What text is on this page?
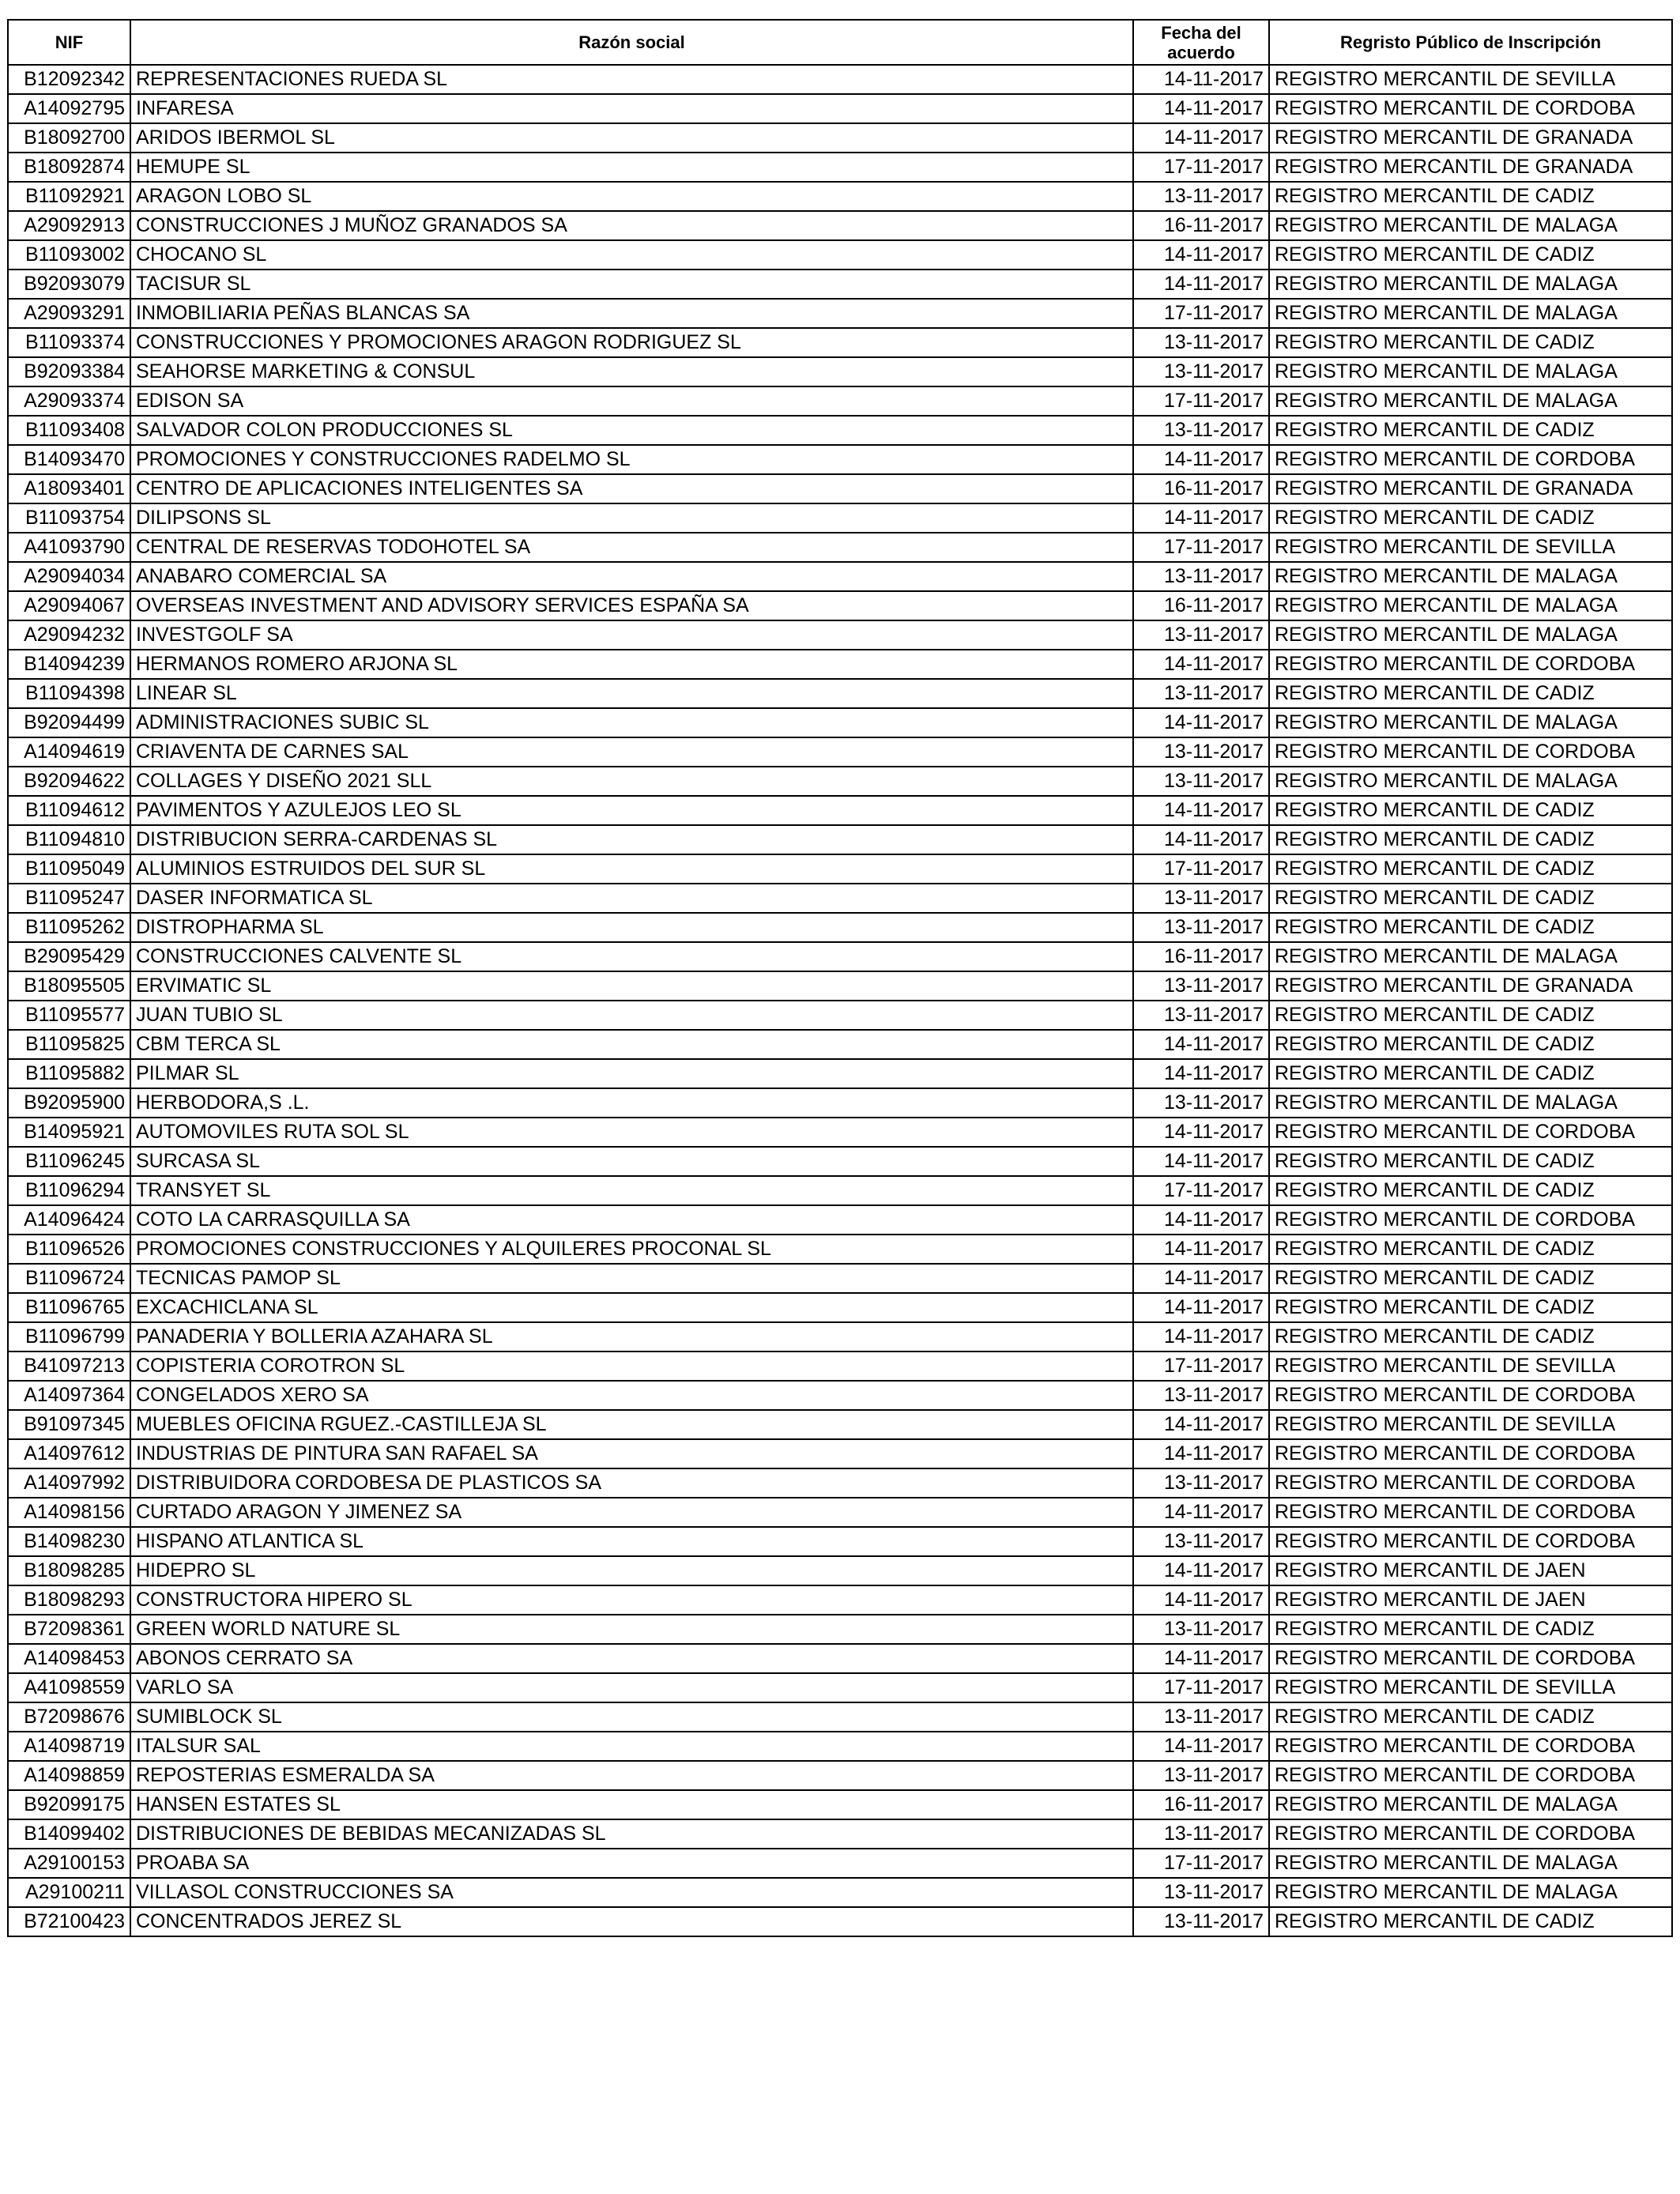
NIF	Razón social	Fecha del acuerdo	Regristo Público de Inscripción
B12092342	REPRESENTACIONES RUEDA SL	14-11-2017	REGISTRO MERCANTIL DE SEVILLA
A14092795	INFARESA	14-11-2017	REGISTRO MERCANTIL DE CORDOBA
B18092700	ARIDOS IBERMOL SL	14-11-2017	REGISTRO MERCANTIL DE GRANADA
B18092874	HEMUPE SL	17-11-2017	REGISTRO MERCANTIL DE GRANADA
B11092921	ARAGON LOBO SL	13-11-2017	REGISTRO MERCANTIL DE CADIZ
A29092913	CONSTRUCCIONES J MUÑOZ GRANADOS SA	16-11-2017	REGISTRO MERCANTIL DE MALAGA
B11093002	CHOCANO SL	14-11-2017	REGISTRO MERCANTIL DE CADIZ
B92093079	TACISUR SL	14-11-2017	REGISTRO MERCANTIL DE MALAGA
A29093291	INMOBILIARIA PEÑAS BLANCAS SA	17-11-2017	REGISTRO MERCANTIL DE MALAGA
B11093374	CONSTRUCCIONES Y PROMOCIONES ARAGON RODRIGUEZ SL	13-11-2017	REGISTRO MERCANTIL DE CADIZ
B92093384	SEAHORSE MARKETING & CONSUL	13-11-2017	REGISTRO MERCANTIL DE MALAGA
A29093374	EDISON SA	17-11-2017	REGISTRO MERCANTIL DE MALAGA
B11093408	SALVADOR COLON PRODUCCIONES SL	13-11-2017	REGISTRO MERCANTIL DE CADIZ
B14093470	PROMOCIONES Y CONSTRUCCIONES RADELMO SL	14-11-2017	REGISTRO MERCANTIL DE CORDOBA
A18093401	CENTRO DE APLICACIONES INTELIGENTES SA	16-11-2017	REGISTRO MERCANTIL DE GRANADA
B11093754	DILIPSONS SL	14-11-2017	REGISTRO MERCANTIL DE CADIZ
A41093790	CENTRAL DE RESERVAS TODOHOTEL SA	17-11-2017	REGISTRO MERCANTIL DE SEVILLA
A29094034	ANABARO COMERCIAL SA	13-11-2017	REGISTRO MERCANTIL DE MALAGA
A29094067	OVERSEAS INVESTMENT AND ADVISORY SERVICES ESPAÑA SA	16-11-2017	REGISTRO MERCANTIL DE MALAGA
A29094232	INVESTGOLF SA	13-11-2017	REGISTRO MERCANTIL DE MALAGA
B14094239	HERMANOS ROMERO ARJONA SL	14-11-2017	REGISTRO MERCANTIL DE CORDOBA
B11094398	LINEAR SL	13-11-2017	REGISTRO MERCANTIL DE CADIZ
B92094499	ADMINISTRACIONES SUBIC SL	14-11-2017	REGISTRO MERCANTIL DE MALAGA
A14094619	CRIAVENTA DE CARNES SAL	13-11-2017	REGISTRO MERCANTIL DE CORDOBA
B92094622	COLLAGES Y DISEÑO 2021 SLL	13-11-2017	REGISTRO MERCANTIL DE MALAGA
B11094612	PAVIMENTOS Y AZULEJOS LEO SL	14-11-2017	REGISTRO MERCANTIL DE CADIZ
B11094810	DISTRIBUCION SERRA-CARDENAS SL	14-11-2017	REGISTRO MERCANTIL DE CADIZ
B11095049	ALUMINIOS ESTRUIDOS DEL SUR SL	17-11-2017	REGISTRO MERCANTIL DE CADIZ
B11095247	DASER INFORMATICA SL	13-11-2017	REGISTRO MERCANTIL DE CADIZ
B11095262	DISTROPHARMA SL	13-11-2017	REGISTRO MERCANTIL DE CADIZ
B29095429	CONSTRUCCIONES CALVENTE SL	16-11-2017	REGISTRO MERCANTIL DE MALAGA
B18095505	ERVIMATIC SL	13-11-2017	REGISTRO MERCANTIL DE GRANADA
B11095577	JUAN TUBIO SL	13-11-2017	REGISTRO MERCANTIL DE CADIZ
B11095825	CBM TERCA SL	14-11-2017	REGISTRO MERCANTIL DE CADIZ
B11095882	PILMAR SL	14-11-2017	REGISTRO MERCANTIL DE CADIZ
B92095900	HERBODORA,S .L.	13-11-2017	REGISTRO MERCANTIL DE MALAGA
B14095921	AUTOMOVILES RUTA SOL SL	14-11-2017	REGISTRO MERCANTIL DE CORDOBA
B11096245	SURCASA SL	14-11-2017	REGISTRO MERCANTIL DE CADIZ
B11096294	TRANSYET SL	17-11-2017	REGISTRO MERCANTIL DE CADIZ
A14096424	COTO LA CARRASQUILLA SA	14-11-2017	REGISTRO MERCANTIL DE CORDOBA
B11096526	PROMOCIONES CONSTRUCCIONES Y ALQUILERES PROCONAL SL	14-11-2017	REGISTRO MERCANTIL DE CADIZ
B11096724	TECNICAS PAMOP SL	14-11-2017	REGISTRO MERCANTIL DE CADIZ
B11096765	EXCACHICLANA SL	14-11-2017	REGISTRO MERCANTIL DE CADIZ
B11096799	PANADERIA Y BOLLERIA AZAHARA SL	14-11-2017	REGISTRO MERCANTIL DE CADIZ
B41097213	COPISTERIA COROTRON SL	17-11-2017	REGISTRO MERCANTIL DE SEVILLA
A14097364	CONGELADOS XERO SA	13-11-2017	REGISTRO MERCANTIL DE CORDOBA
B91097345	MUEBLES OFICINA RGUEZ.-CASTILLEJA SL	14-11-2017	REGISTRO MERCANTIL DE SEVILLA
A14097612	INDUSTRIAS DE PINTURA SAN RAFAEL SA	14-11-2017	REGISTRO MERCANTIL DE CORDOBA
A14097992	DISTRIBUIDORA CORDOBESA DE PLASTICOS SA	13-11-2017	REGISTRO MERCANTIL DE CORDOBA
A14098156	CURTADO ARAGON Y JIMENEZ SA	14-11-2017	REGISTRO MERCANTIL DE CORDOBA
B14098230	HISPANO ATLANTICA SL	13-11-2017	REGISTRO MERCANTIL DE CORDOBA
B18098285	HIDEPRO SL	14-11-2017	REGISTRO MERCANTIL DE JAEN
B18098293	CONSTRUCTORA HIPERO SL	14-11-2017	REGISTRO MERCANTIL DE JAEN
B72098361	GREEN WORLD NATURE SL	13-11-2017	REGISTRO MERCANTIL DE CADIZ
A14098453	ABONOS CERRATO SA	14-11-2017	REGISTRO MERCANTIL DE CORDOBA
A41098559	VARLO SA	17-11-2017	REGISTRO MERCANTIL DE SEVILLA
B72098676	SUMIBLOCK SL	13-11-2017	REGISTRO MERCANTIL DE CADIZ
A14098719	ITALSUR SAL	14-11-2017	REGISTRO MERCANTIL DE CORDOBA
A14098859	REPOSTERIAS ESMERALDA SA	13-11-2017	REGISTRO MERCANTIL DE CORDOBA
B92099175	HANSEN ESTATES SL	16-11-2017	REGISTRO MERCANTIL DE MALAGA
B14099402	DISTRIBUCIONES DE BEBIDAS MECANIZADAS SL	13-11-2017	REGISTRO MERCANTIL DE CORDOBA
A29100153	PROABA SA	17-11-2017	REGISTRO MERCANTIL DE MALAGA
A29100211	VILLASOL CONSTRUCCIONES SA	13-11-2017	REGISTRO MERCANTIL DE MALAGA
B72100423	CONCENTRADOS JEREZ SL	13-11-2017	REGISTRO MERCANTIL DE CADIZ
